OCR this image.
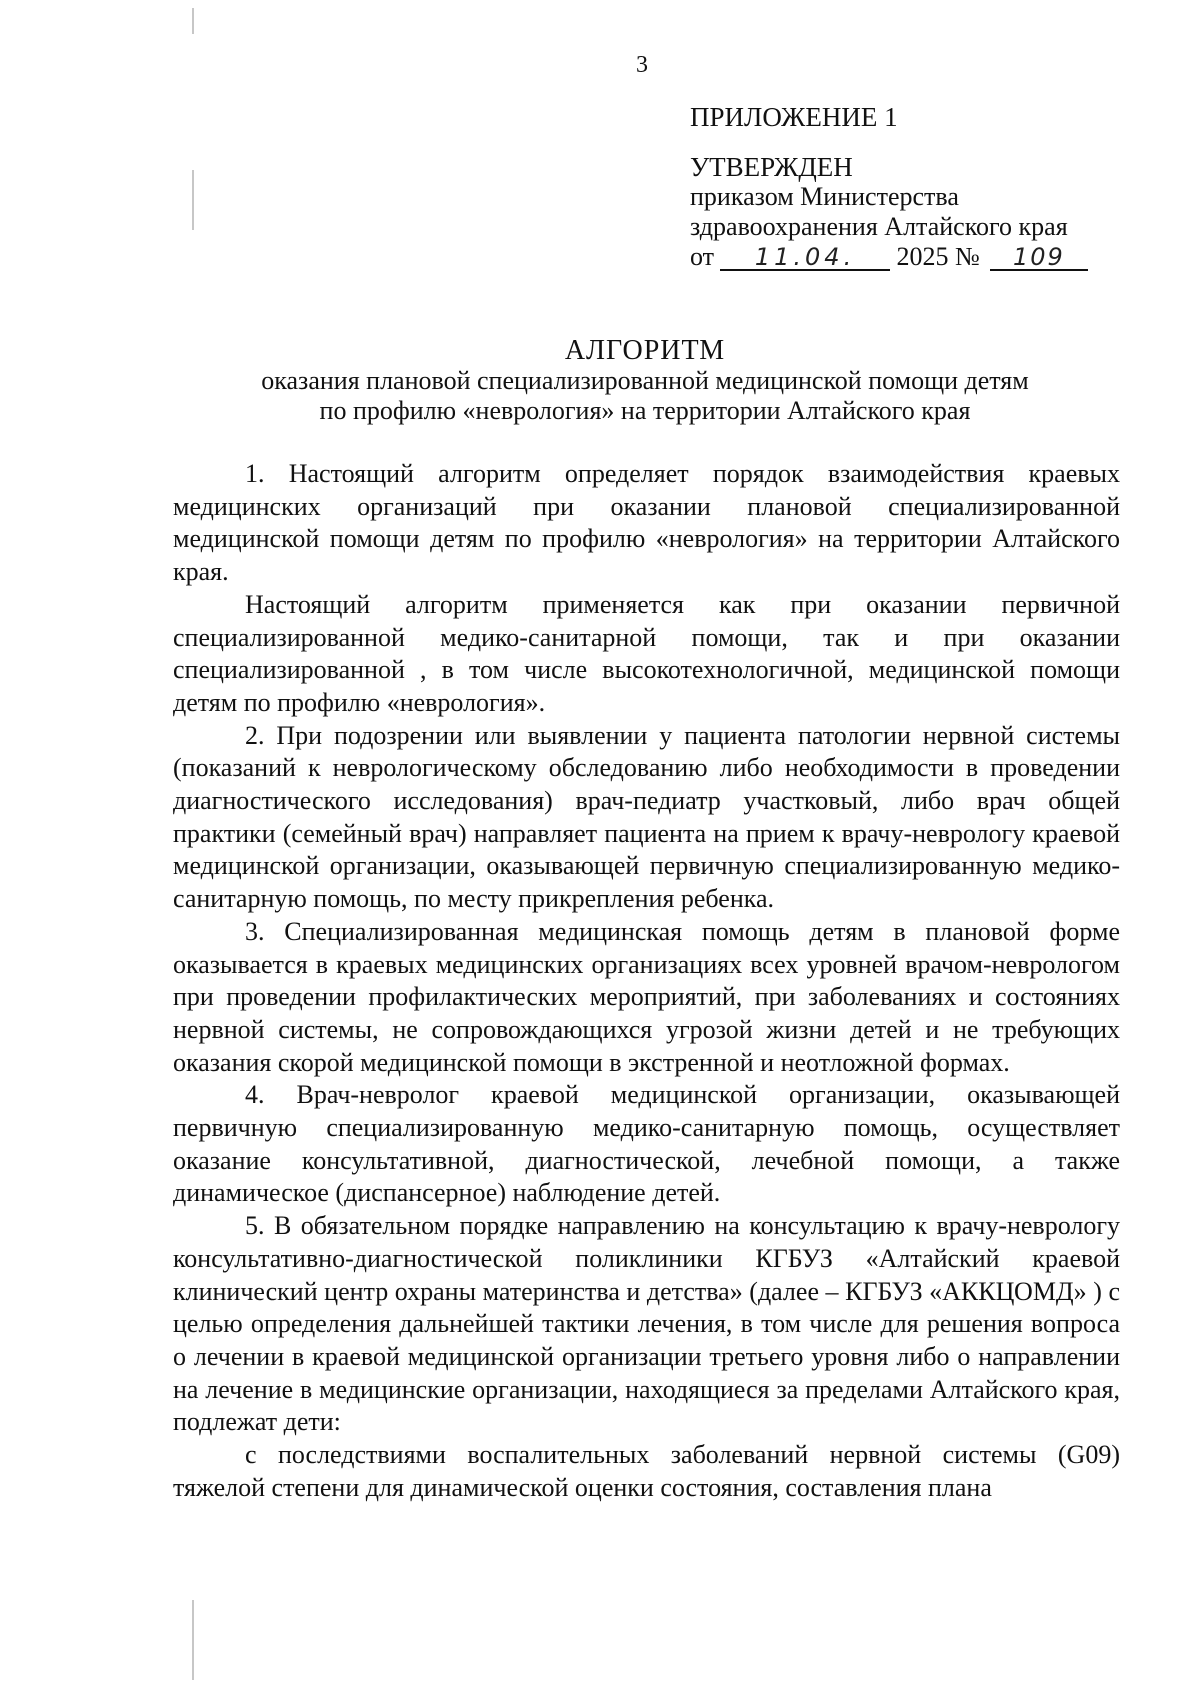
3
ПРИЛОЖЕНИЕ 1
УТВЕРЖДЕН
приказом Министерства
здравоохранения Алтайского края
от 11.04. 2025 № 109
АЛГОРИТМ
оказания плановой специализированной медицинской помощи детям
по профилю «неврология» на территории Алтайского края

1. Настоящий алгоритм определяет порядок взаимодействия краевых медицинских организаций при оказании плановой специализированной медицинской помощи детям по профилю «неврология» на территории Алтайского края.

Настоящий алгоритм применяется как при оказании первичной специализированной медико-санитарной помощи, так и при оказании специализированной , в том числе высокотехнологичной, медицинской помощи детям по профилю «неврология».

2. При подозрении или выявлении у пациента патологии нервной системы (показаний к неврологическому обследованию либо необходимости в проведении диагностического исследования) врач-педиатр участковый, либо врач общей практики (семейный врач) направляет пациента на прием к врачу-неврологу краевой медицинской организации, оказывающей первичную специализированную медико-санитарную помощь, по месту прикрепления ребенка.

3. Специализированная медицинская помощь детям в плановой форме оказывается в краевых медицинских организациях всех уровней врачом-неврологом при проведении профилактических мероприятий, при заболеваниях и состояниях нервной системы, не сопровождающихся угрозой жизни детей и не требующих оказания скорой медицинской помощи в экстренной и неотложной формах.

4. Врач-невролог краевой медицинской организации, оказывающей первичную специализированную медико-санитарную помощь, осуществляет оказание консультативной, диагностической, лечебной помощи, а также динамическое (диспансерное) наблюдение детей.

5. В обязательном порядке направлению на консультацию к врачу-неврологу консультативно-диагностической поликлиники КГБУЗ «Алтайский краевой клинический центр охраны материнства и детства» (далее – КГБУЗ «АККЦОМД» ) с целью определения дальнейшей тактики лечения, в том числе для решения вопроса о лечении в краевой медицинской организации третьего уровня либо о направлении на лечение в медицинские организации, находящиеся за пределами Алтайского края, подлежат дети:

с последствиями воспалительных заболеваний нервной системы (G09) тяжелой степени для динамической оценки состояния, составления плана
